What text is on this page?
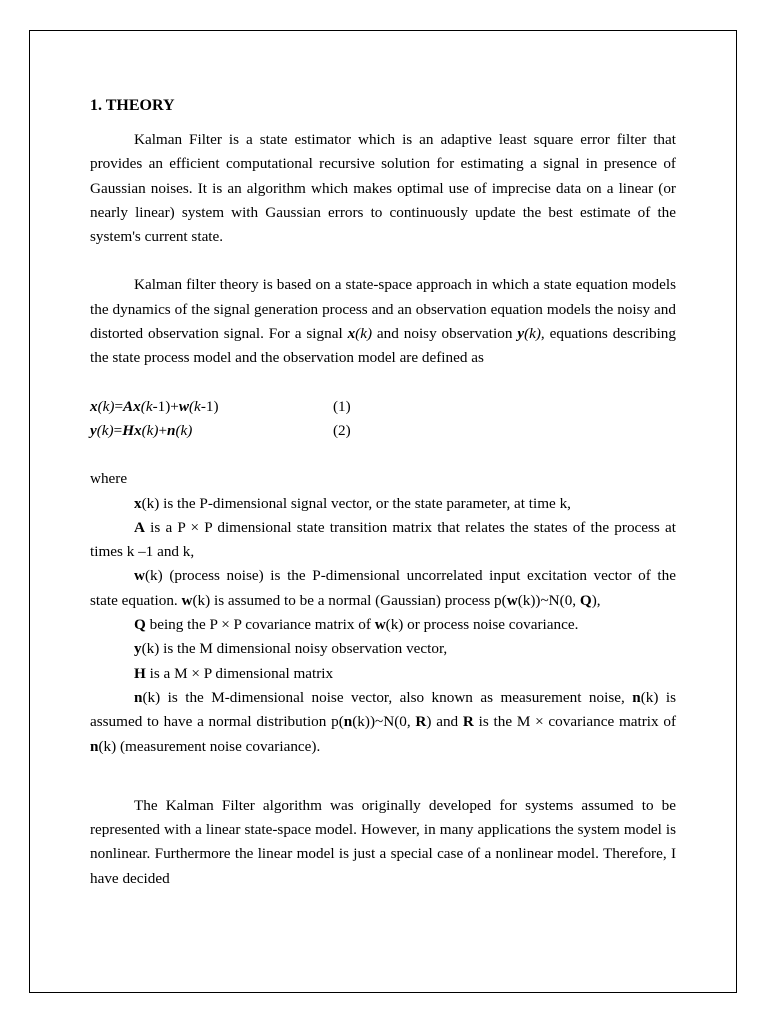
1. THEORY

Kalman Filter is a state estimator which is an adaptive least square error filter that provides an efficient computational recursive solution for estimating a signal in presence of Gaussian noises. It is an algorithm which makes optimal use of imprecise data on a linear (or nearly linear) system with Gaussian errors to continuously update the best estimate of the system's current state.

Kalman filter theory is based on a state-space approach in which a state equation models the dynamics of the signal generation process and an observation equation models the noisy and distorted observation signal. For a signal x(k) and noisy observation y(k), equations describing the state process model and the observation model are defined as

x(k)=Ax(k-1)+w(k-1)	(1)
y(k)=Hx(k)+n(k)	(2)
where
x(k) is the P-dimensional signal vector, or the state parameter, at time k,
A is a P × P dimensional state transition matrix that relates the states of the process at times k –1 and k,
w(k) (process noise) is the P-dimensional uncorrelated input excitation vector of the state equation. w(k) is assumed to be a normal (Gaussian) process p(w(k))~N(0, Q),
Q being the P × P covariance matrix of w(k) or process noise covariance.
y(k) is the M dimensional noisy observation vector,
H is a M × P dimensional matrix
n(k) is the M-dimensional noise vector, also known as measurement noise, n(k) is assumed to have a normal distribution p(n(k))~N(0, R) and R is the M × covariance matrix of n(k) (measurement noise covariance).

The Kalman Filter algorithm was originally developed for systems assumed to be represented with a linear state-space model. However, in many applications the system model is nonlinear. Furthermore the linear model is just a special case of a nonlinear model. Therefore, I have decided
